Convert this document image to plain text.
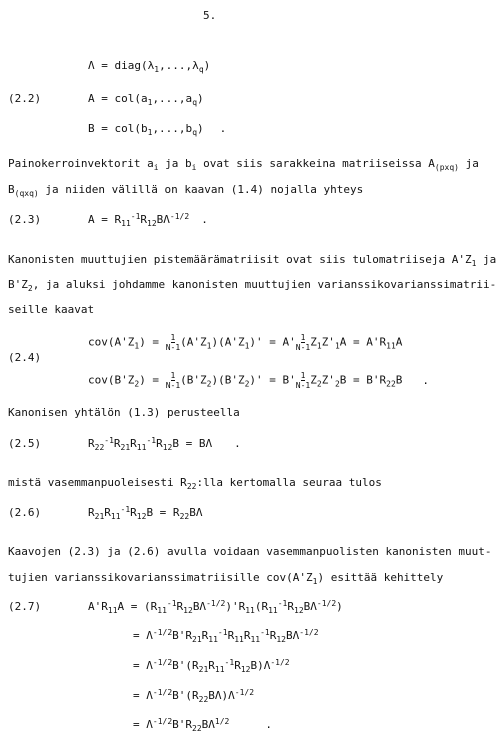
5.
$\Lambda = diag(\lambda_1,...,\lambda_q)$
(2.2)	$A = col(a_1,...,a_q)$
$B = col(b_1,...,b_q)$ .
Painokerroinvektorit $a_i$ ja $b_i$ ovat siis sarakkeina matriiseissa $A_{(pxq)}$ ja
$B_{(qxq)}$ ja niiden välillä on kaavan (1.4) nojalla yhteys
(2.3)	$A = R_{11}^{-1}R_{12}B\Lambda^{-1/2}$ .
Kanonisten muuttujien pistemäärämatriisit ovat siis tulomatriiseja $A'Z_1$ ja
$B'Z_2$, ja aluksi johdamme kanonisten muuttujien varianssikovarianssimatrii-
seille kaavat
(2.4)
$cov(A'Z_1) = \frac{1}{N-1} (A'Z_1)(A'Z_1)' = A' \frac{1}{N-1} Z_1Z'_1A = A'R_{11}A$
$cov(B'Z_2) = \frac{1}{N-1} (B'Z_2)(B'Z_2)' = B' \frac{1}{N-1} Z_2Z'_2B = B'R_{22}B$ .
Kanonisen yhtälön (1.3) perusteella
(2.5)	$R_{22}^{-1}R_{21}R_{11}^{-1}R_{12}B = B\Lambda$ .
mistä vasemmanpuoleisesti $R_{22}:lla$ kertomalla seuraa tulos
(2.6)	$R_{21}R_{11}^{-1}R_{12}B = R_{22}B\Lambda$
Kaavojen (2.3) ja (2.6) avulla voidaan vasemmanpuolisten kanonisten muut-
tujien varianssikovarianssimatriisille $cov(A'Z_1)$ esittää kehittely
(2.7)	$A'R_{11}A = (R_{11}^{-1}R_{12}B\Lambda^{-1/2})'R_{11}(R_{11}^{-1}R_{12}B\Lambda^{-1/2})$
= $\Lambda^{-1/2}B'R_{21}R_{11}^{-1}R_{11}R_{11}^{-1}R_{12}B\Lambda^{-1/2}$
= $\Lambda^{-1/2}B'(R_{21}R_{11}^{-1}R_{12}B)\Lambda^{-1/2}$
= $\Lambda^{-1/2}B'(R_{22}B\Lambda)\Lambda^{-1/2}$
= $\Lambda^{-1/2}B'R_{22}B\Lambda^{1/2}$	.
